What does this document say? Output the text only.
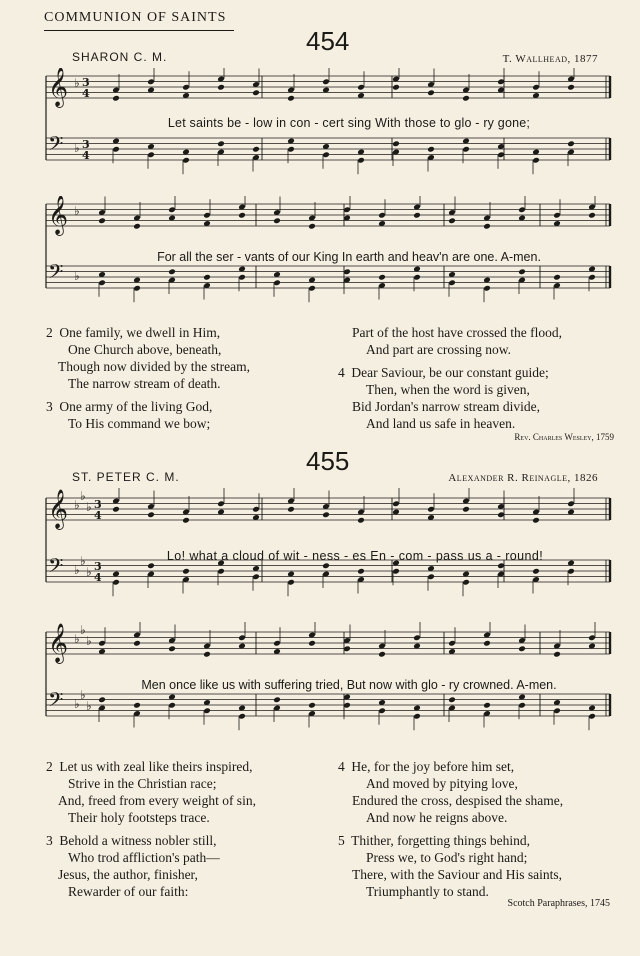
COMMUNION OF SAINTS
454
SHARON C. M.	T. Wallhead, 1877
𝄞 ♭ 3
4
𝄢 ♭ 3
4
Let saints be - low in con - cert sing With those to glo - ry gone;
𝄞 ♭
𝄢 ♭
For all the ser - vants of our King In earth and heav'n are one. A-men.
2 One family, we dwell in Him,
One Church above, beneath,
Though now divided by the stream,
The narrow stream of death.
3 One army of the living God,
To His command we bow;
Part of the host have crossed the flood,
And part are crossing now.
4 Dear Saviour, be our constant guide;
Then, when the word is given,
Bid Jordan's narrow stream divide,
And land us safe in heaven.
Rev. Charles Wesley, 1759
455
ST. PETER C. M.	Alexander R. Reinagle, 1826
𝄞 ♭
♭
♭ 3
4
𝄢 ♭
♭
♭ 3
4
Lo! what a cloud of wit - ness - es En - com - pass us a - round!
𝄞 ♭
♭
♭
𝄢 ♭
♭
♭
Men once like us with suffering tried, But now with glo - ry crowned. A-men.
2 Let us with zeal like theirs inspired,
Strive in the Christian race;
And, freed from every weight of sin,
Their holy footsteps trace.
3 Behold a witness nobler still,
Who trod affliction's path—
Jesus, the author, finisher,
Rewarder of our faith:
4 He, for the joy before him set,
And moved by pitying love,
Endured the cross, despised the shame,
And now he reigns above.
5 Thither, forgetting things behind,
Press we, to God's right hand;
There, with the Saviour and His saints,
Triumphantly to stand.
Scotch Paraphrases, 1745
